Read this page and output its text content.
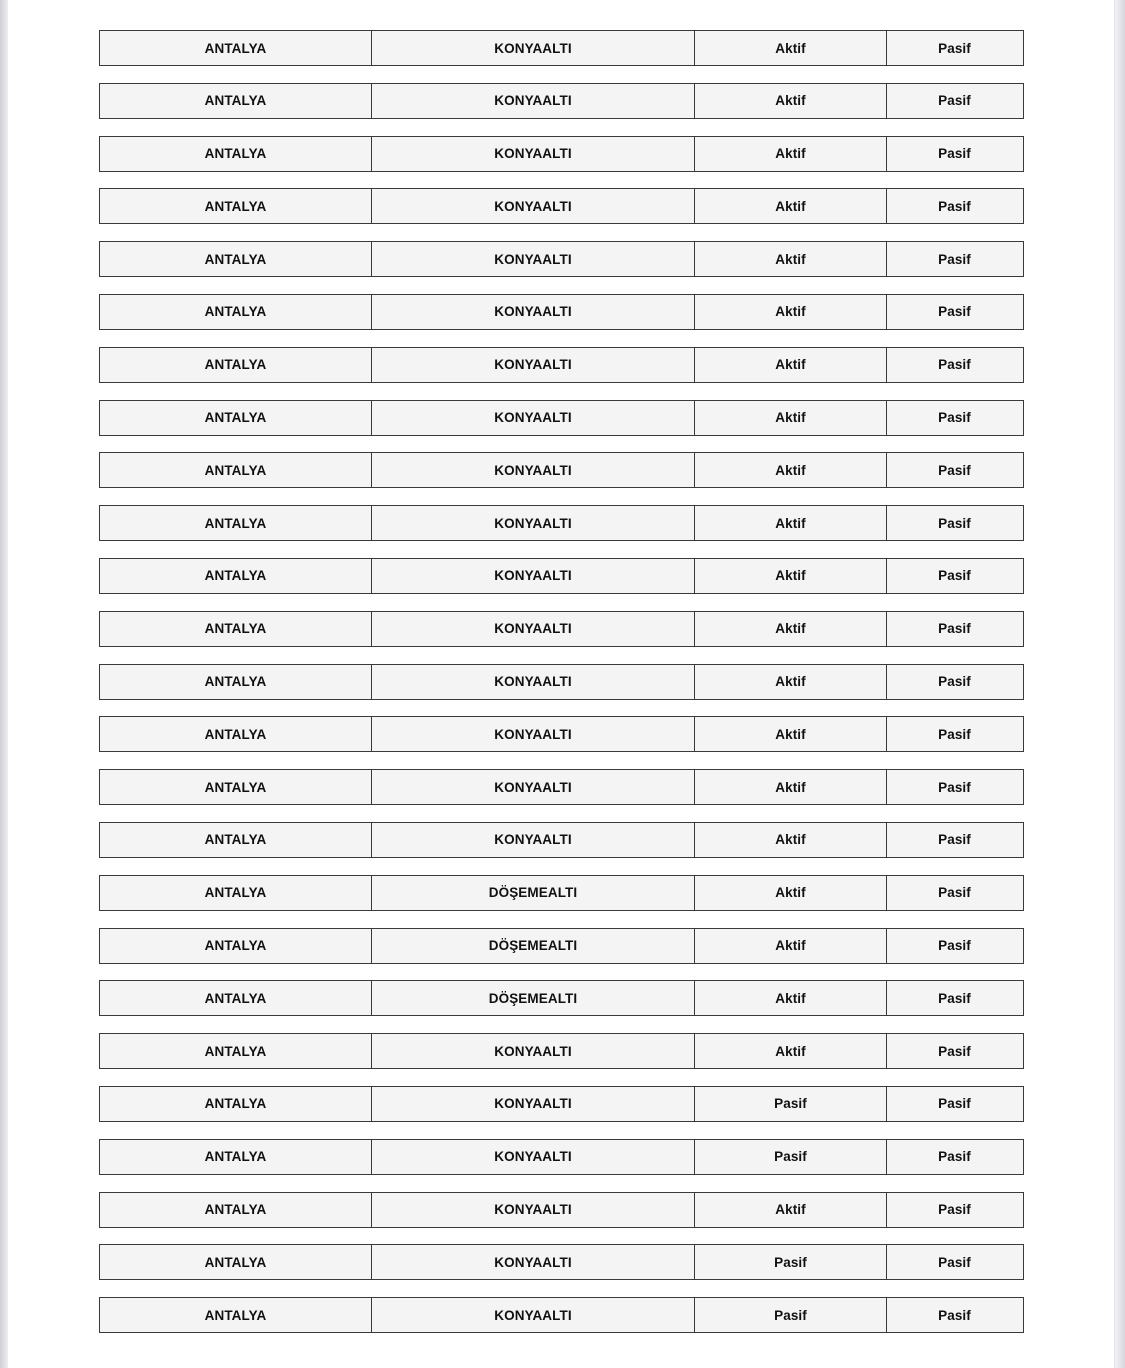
ANTALYA	KONYAALTI	Aktif	Pasif
ANTALYA	KONYAALTI	Aktif	Pasif
ANTALYA	KONYAALTI	Aktif	Pasif
ANTALYA	KONYAALTI	Aktif	Pasif
ANTALYA	KONYAALTI	Aktif	Pasif
ANTALYA	KONYAALTI	Aktif	Pasif
ANTALYA	KONYAALTI	Aktif	Pasif
ANTALYA	KONYAALTI	Aktif	Pasif
ANTALYA	KONYAALTI	Aktif	Pasif
ANTALYA	KONYAALTI	Aktif	Pasif
ANTALYA	KONYAALTI	Aktif	Pasif
ANTALYA	KONYAALTI	Aktif	Pasif
ANTALYA	KONYAALTI	Aktif	Pasif
ANTALYA	KONYAALTI	Aktif	Pasif
ANTALYA	KONYAALTI	Aktif	Pasif
ANTALYA	KONYAALTI	Aktif	Pasif
ANTALYA	DÖŞEMEALTI	Aktif	Pasif
ANTALYA	DÖŞEMEALTI	Aktif	Pasif
ANTALYA	DÖŞEMEALTI	Aktif	Pasif
ANTALYA	KONYAALTI	Aktif	Pasif
ANTALYA	KONYAALTI	Pasif	Pasif
ANTALYA	KONYAALTI	Pasif	Pasif
ANTALYA	KONYAALTI	Aktif	Pasif
ANTALYA	KONYAALTI	Pasif	Pasif
ANTALYA	KONYAALTI	Pasif	Pasif
